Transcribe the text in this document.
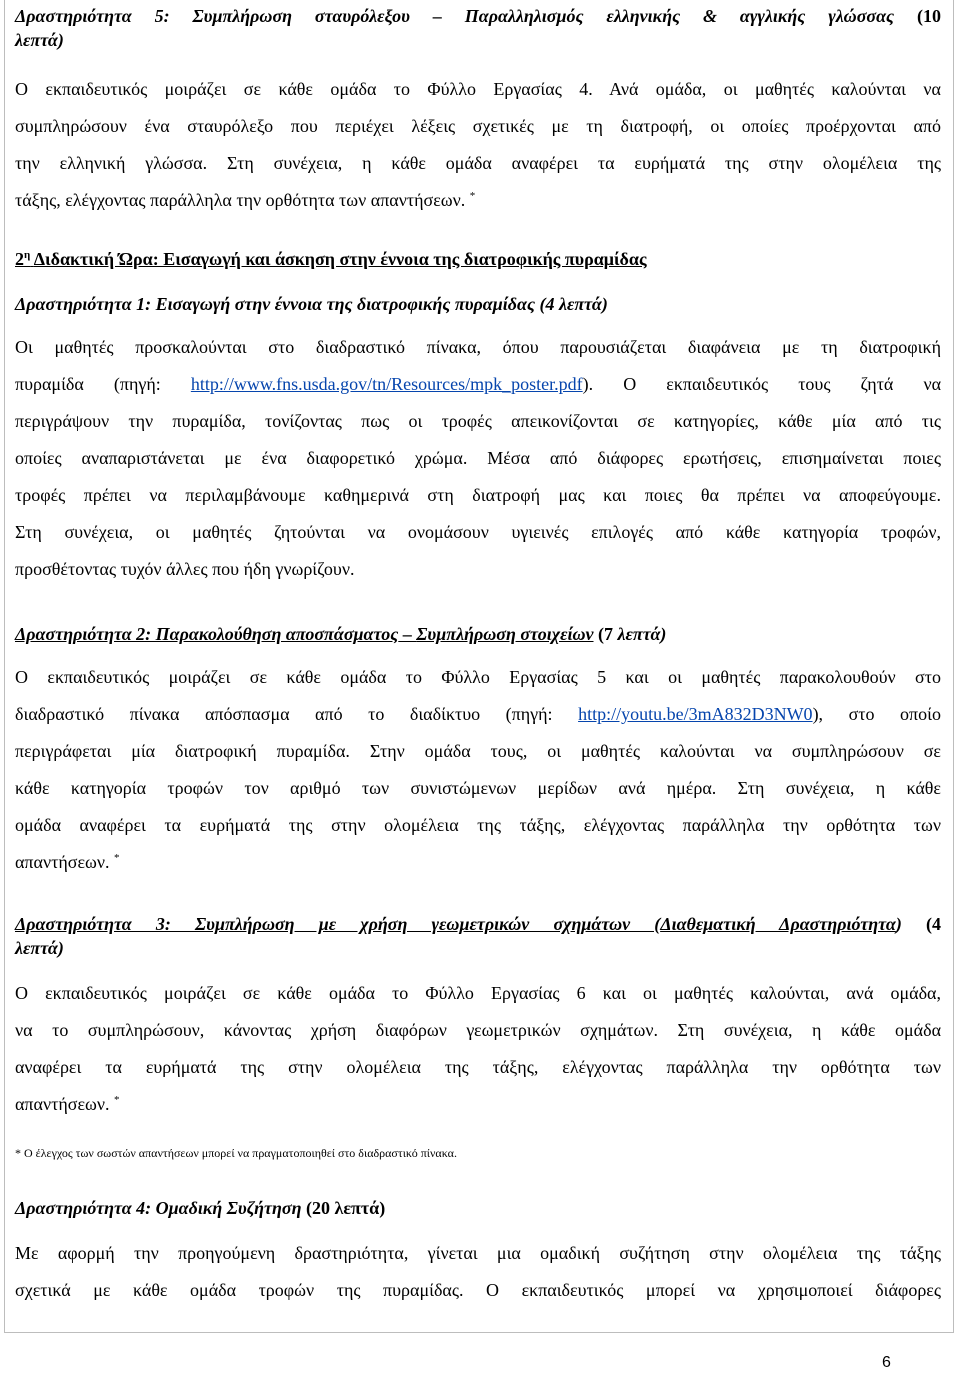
Δραστηριότητα 5: Συμπλήρωση σταυρόλεξου – Παραλληλισμός ελληνικής & αγγλικής γλώσσας (10

λεπτά)

Ο εκπαιδευτικός μοιράζει σε κάθε ομάδα το Φύλλο Εργασίας 4. Ανά ομάδα, οι μαθητές καλούνται να

συμπληρώσουν ένα σταυρόλεξο που περιέχει λέξεις σχετικές με τη διατροφή, οι οποίες προέρχονται από

την ελληνική γλώσσα. Στη συνέχεια, η κάθε ομάδα αναφέρει τα ευρήματά της στην ολομέλεια της

τάξης, ελέγχοντας παράλληλα την ορθότητα των απαντήσεων. *

$2^\eta$ Διδακτική Ώρα: Εισαγωγή και άσκηση στην έννοια της διατροφικής πυραμίδας

Δραστηριότητα 1: Εισαγωγή στην έννοια της διατροφικής πυραμίδας (4 λεπτά)

Οι μαθητές προσκαλούνται στο διαδραστικό πίνακα, όπου παρουσιάζεται διαφάνεια με τη διατροφική

πυραμίδα (πηγή: http://www.fns.usda.gov/tn/Resources/mpk_poster.pdf). Ο εκπαιδευτικός τους ζητά να

περιγράψουν την πυραμίδα, τονίζοντας πως οι τροφές απεικονίζονται σε κατηγορίες, κάθε μία από τις

οποίες αναπαριστάνεται με ένα διαφορετικό χρώμα. Μέσα από διάφορες ερωτήσεις, επισημαίνεται ποιες

τροφές πρέπει να περιλαμβάνουμε καθημερινά στη διατροφή μας και ποιες θα πρέπει να αποφεύγουμε.

Στη συνέχεια, οι μαθητές ζητούνται να ονομάσουν υγιεινές επιλογές από κάθε κατηγορία τροφών,

προσθέτοντας τυχόν άλλες που ήδη γνωρίζουν.

Δραστηριότητα 2: Παρακολούθηση αποσπάσματος – Συμπλήρωση στοιχείων (7 λεπτά)

Ο εκπαιδευτικός μοιράζει σε κάθε ομάδα το Φύλλο Εργασίας 5 και οι μαθητές παρακολουθούν στο

διαδραστικό πίνακα απόσπασμα από το διαδίκτυο (πηγή: http://youtu.be/3mA832D3NW0), στο οποίο

περιγράφεται μία διατροφική πυραμίδα. Στην ομάδα τους, οι μαθητές καλούνται να συμπληρώσουν σε

κάθε κατηγορία τροφών τον αριθμό των συνιστώμενων μερίδων ανά ημέρα. Στη συνέχεια, η κάθε

ομάδα αναφέρει τα ευρήματά της στην ολομέλεια της τάξης, ελέγχοντας παράλληλα την ορθότητα των

απαντήσεων. *

Δραστηριότητα 3: Συμπλήρωση με χρήση γεωμετρικών σχημάτων (Διαθεματική Δραστηριότητα) (4

λεπτά)

Ο εκπαιδευτικός μοιράζει σε κάθε ομάδα το Φύλλο Εργασίας 6 και οι μαθητές καλούνται, ανά ομάδα,

να το συμπληρώσουν, κάνοντας χρήση διαφόρων γεωμετρικών σχημάτων. Στη συνέχεια, η κάθε ομάδα

αναφέρει τα ευρήματά της στην ολομέλεια της τάξης, ελέγχοντας παράλληλα την ορθότητα των

απαντήσεων. *

* Ο έλεγχος των σωστών απαντήσεων μπορεί να πραγματοποιηθεί στο διαδραστικό πίνακα.

Δραστηριότητα 4: Ομαδική Συζήτηση (20 λεπτά)

Με αφορμή την προηγούμενη δραστηριότητα, γίνεται μια ομαδική συζήτηση στην ολομέλεια της τάξης

σχετικά με κάθε ομάδα τροφών της πυραμίδας. Ο εκπαιδευτικός μπορεί να χρησιμοποιεί διάφορες

6
